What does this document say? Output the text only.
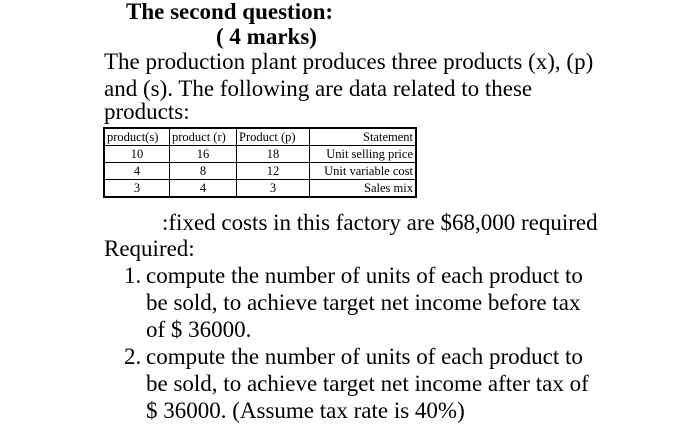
The second question:
( 4 marks)
The production plant produces three products (x), (p)
and (s). The following are data related to these
products:
product(s)	product (r)	Product (p)	Statement
10	16	18	Unit selling price
4	8	12	Unit variable cost
3	4	3	Sales mix
:fixed costs in this factory are $68,000 required
Required:
1. compute the number of units of each product to
be sold, to achieve target net income before tax
of $ 36000.
2. compute the number of units of each product to
be sold, to achieve target net income after tax of
$ 36000. (Assume tax rate is 40%)
